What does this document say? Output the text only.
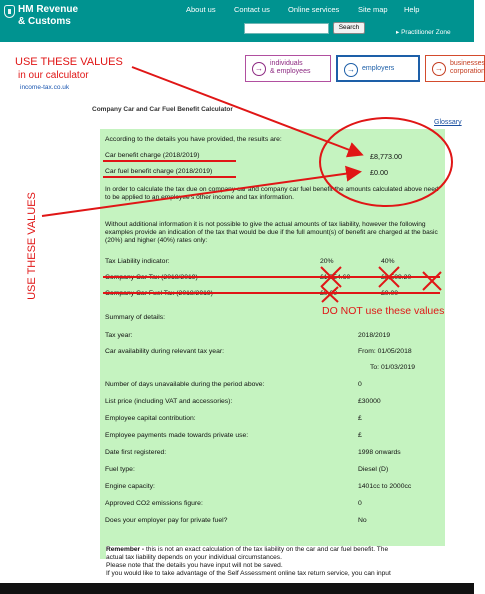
HM Revenue
& Customs
About us Contact us Online services Site map Help
Search
▸ Practitioner Zone
→
individuals
& employees
→	employers
→
businesses
corporation
USE THESE VALUES
in our calculator
income-tax.co.uk
USE THESE VALUES
Company Car and Car Fuel Benefit Calculator
Glossary
According to the details you have provided, the results are:
Car benefit charge (2018/2019)	£8,773.00
Car fuel benefit charge (2018/2019)	£0.00
In order to calculate the tax due on company car and company car fuel benefit the amounts calculated above need to be applied to an employee's other income and tax information.
Without additional information it is not possible to give the actual amounts of tax liability, however the following examples provide an indication of the tax that would be due if the full amount(s) of benefit are charged at the basic (20%) and higher (40%) rates only:
Tax Liability indicator:	20%	40%
Company Car Tax (2018/2019)	£1,754.60	£3,509.20
Company Car Fuel Tax (2018/2019)	£0.00	£0.00
Summary of details:
Tax year:	2018/2019
Car availability during relevant tax year:	From: 01/05/2018
To: 01/03/2019
Number of days unavailable during the period above:	0
List price (including VAT and accessories):	£30000
Employee capital contribution:	£
Employee payments made towards private use:	£
Date first registered:	1998 onwards
Fuel type:	Diesel (D)
Engine capacity:	1401cc to 2000cc
Approved CO2 emissions figure:	0
Does your employer pay for private fuel?	No
DO NOT use these values
Remember - this is not an exact calculation of the tax liability on the car and car fuel benefit. The
actual tax liability depends on your individual circumstances.
Please note that the details you have input will not be saved.
If you would like to take advantage of the Self Assessment online tax return service, you can input
